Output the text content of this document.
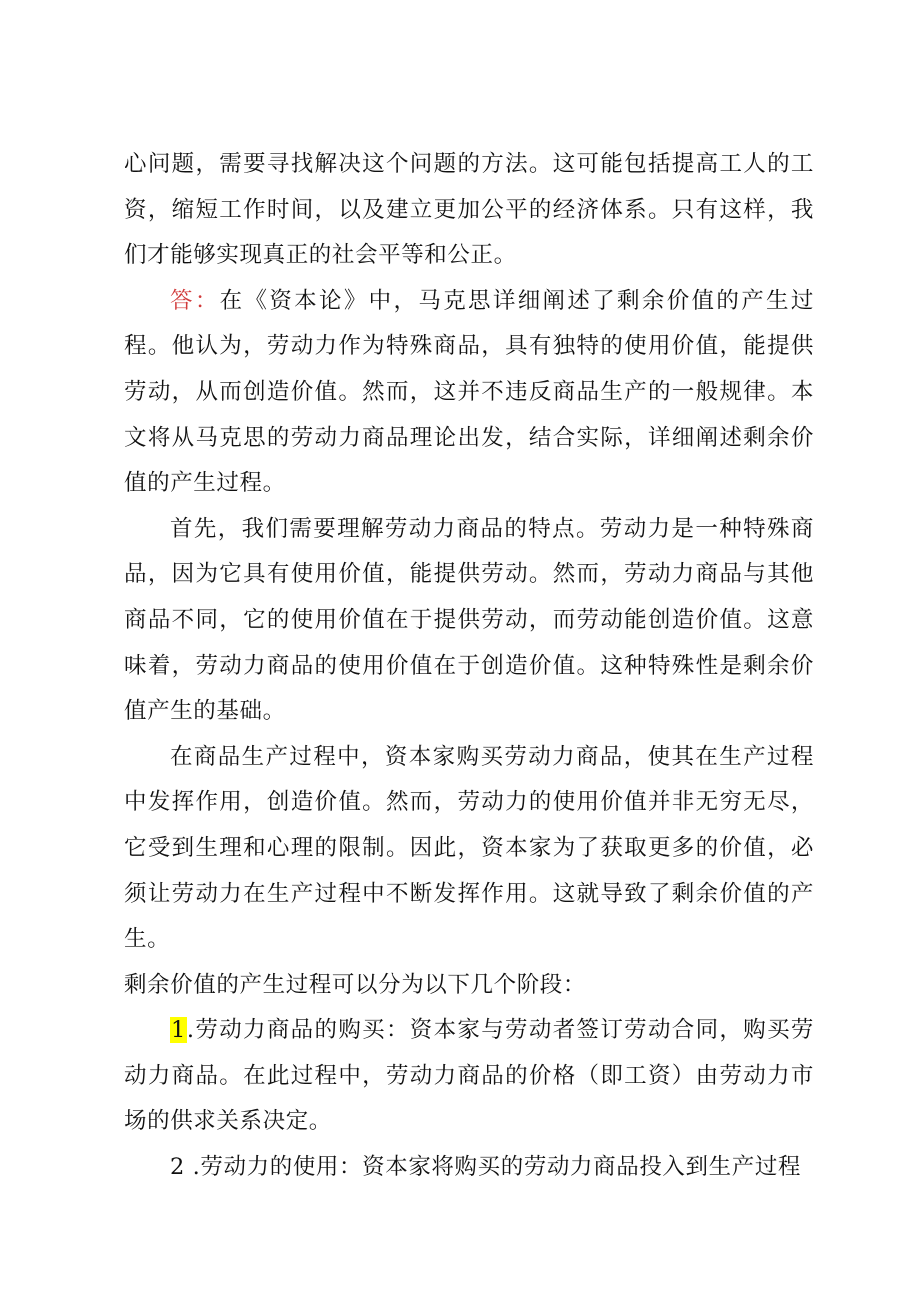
心问题，需要寻找解决这个问题的方法。这可能包括提高工人的工资，缩短工作时间，以及建立更加公平的经济体系。只有这样，我们才能够实现真正的社会平等和公正。

答：在《资本论》中，马克思详细阐述了剩余价值的产生过程。他认为，劳动力作为特殊商品，具有独特的使用价值，能提供劳动，从而创造价值。然而，这并不违反商品生产的一般规律。本文将从马克思的劳动力商品理论出发，结合实际，详细阐述剩余价值的产生过程。

首先，我们需要理解劳动力商品的特点。劳动力是一种特殊商品，因为它具有使用价值，能提供劳动。然而，劳动力商品与其他商品不同，它的使用价值在于提供劳动，而劳动能创造价值。这意味着，劳动力商品的使用价值在于创造价值。这种特殊性是剩余价值产生的基础。

在商品生产过程中，资本家购买劳动力商品，使其在生产过程中发挥作用，创造价值。然而，劳动力的使用价值并非无穷无尽，它受到生理和心理的限制。因此，资本家为了获取更多的价值，必须让劳动力在生产过程中不断发挥作用。这就导致了剩余价值的产生。

剩余价值的产生过程可以分为以下几个阶段：

1.劳动力商品的购买：资本家与劳动者签订劳动合同，购买劳动力商品。在此过程中，劳动力商品的价格（即工资）由劳动力市场的供求关系决定。

2 .劳动力的使用：资本家将购买的劳动力商品投入到生产过程
